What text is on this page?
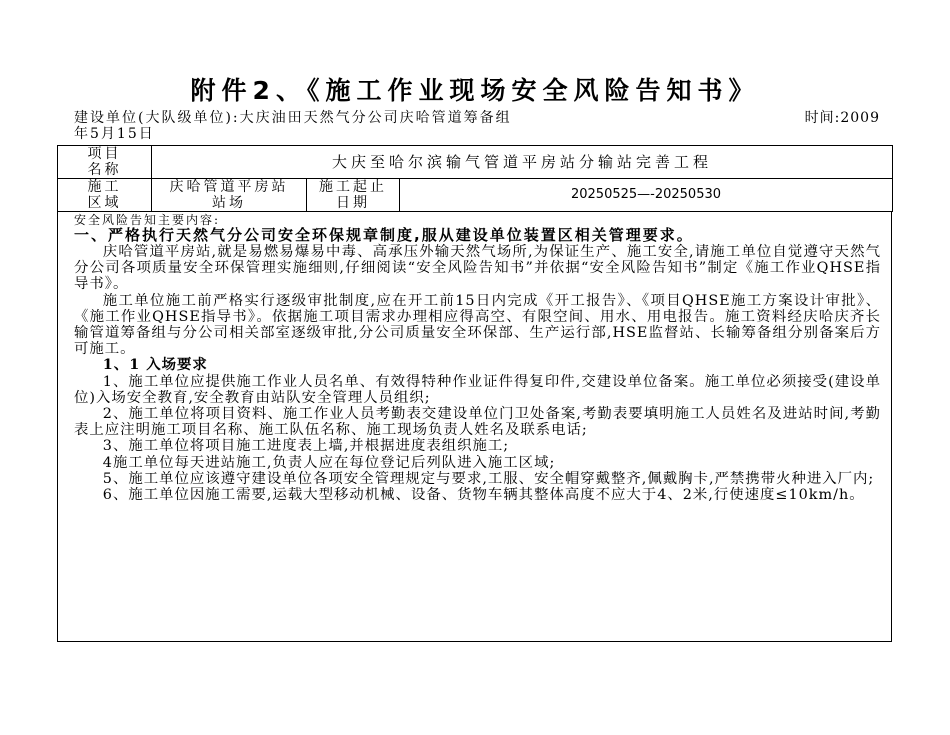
附件2、《施工作业现场安全风险告知书》
建设单位(大队级单位):大庆油田天然气分公司庆哈管道筹备组	时间:2009
年5月15日
项目名称	大庆至哈尔滨输气管道平房站分输站完善工程		
施工区域	庆哈管道平房站站场	施工起止日期	20250525—-20250530
安全风险告知主要内容:
一、严格执行天然气分公司安全环保规章制度,服从建设单位装置区相关管理要求。

庆哈管道平房站,就是易燃易爆易中毒、高承压外输天然气场所,为保证生产、施工安全,请施工单位自觉遵守天然气分公司各项质量安全环保管理实施细则,仔细阅读“安全风险告知书”并依据“安全风险告知书”制定《施工作业QHSE指导书》。

施工单位施工前严格实行逐级审批制度,应在开工前15日内完成《开工报告》、《项目QHSE施工方案设计审批》、《施工作业QHSE指导书》。依据施工项目需求办理相应得高空、有限空间、用水、用电报告。施工资料经庆哈庆齐长输管道筹备组与分公司相关部室逐级审批,分公司质量安全环保部、生产运行部,HSE监督站、长输筹备组分别备案后方可施工。

1、1 入场要求

1、施工单位应提供施工作业人员名单、有效得特种作业证件得复印件,交建设单位备案。施工单位必须接受(建设单位)入场安全教育,安全教育由站队安全管理人员组织;

2、施工单位将项目资料、施工作业人员考勤表交建设单位门卫处备案,考勤表要填明施工人员姓名及进站时间,考勤表上应注明施工项目名称、施工队伍名称、施工现场负责人姓名及联系电话;

3、施工单位将项目施工进度表上墙,并根据进度表组织施工;

4施工单位每天进站施工,负责人应在每位登记后列队进入施工区域;

5、施工单位应该遵守建设单位各项安全管理规定与要求,工服、安全帽穿戴整齐,佩戴胸卡,严禁携带火种进入厂内;

6、施工单位因施工需要,运载大型移动机械、设备、货物车辆其整体高度不应大于4、2米,行使速度≤10km/h。
